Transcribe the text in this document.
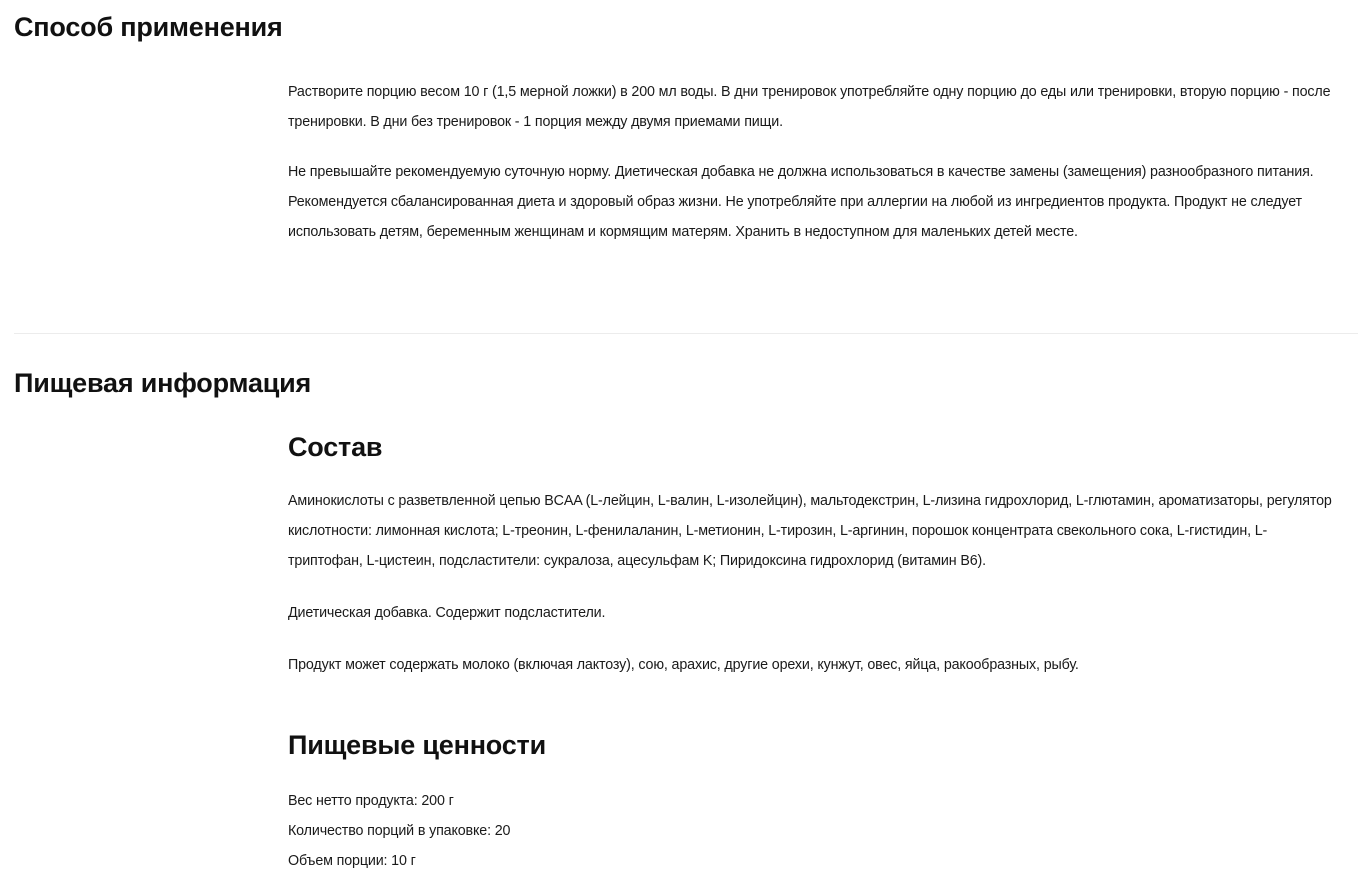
Способ применения

Растворите порцию весом 10 г (1,5 мерной ложки) в 200 мл воды. В дни тренировок употребляйте одну порцию до еды или тренировки, вторую порцию - после тренировки. В дни без тренировок - 1 порция между двумя приемами пищи.

Не превышайте рекомендуемую суточную норму. Диетическая добавка не должна использоваться в качестве замены (замещения) разнообразного питания. Рекомендуется сбалансированная диета и здоровый образ жизни. Не употребляйте при аллергии на любой из ингредиентов продукта. Продукт не следует использовать детям, беременным женщинам и кормящим матерям. Хранить в недоступном для маленьких детей месте.

Пищевая информация
Состав

Аминокислоты с разветвленной цепью BCAA (L-лейцин, L-валин, L-изолейцин), мальтодекстрин, L-лизина гидрохлорид, L-глютамин, ароматизаторы, регулятор кислотности: лимонная кислота; L-треонин, L-фенилаланин, L-метионин, L-тирозин, L-аргинин, порошок концентрата свекольного сока, L-гистидин, L-триптофан, L-цистеин, подсластители: сукралоза, ацесульфам K; Пиридоксина гидрохлорид (витамин B6).

Диетическая добавка. Содержит подсластители.

Продукт может содержать молоко (включая лактозу), сою, арахис, другие орехи, кунжут, овес, яйца, ракообразных, рыбу.

Пищевые ценности
Вес нетто продукта: 200 г
Количество порций в упаковке: 20
Объем порции: 10 г
